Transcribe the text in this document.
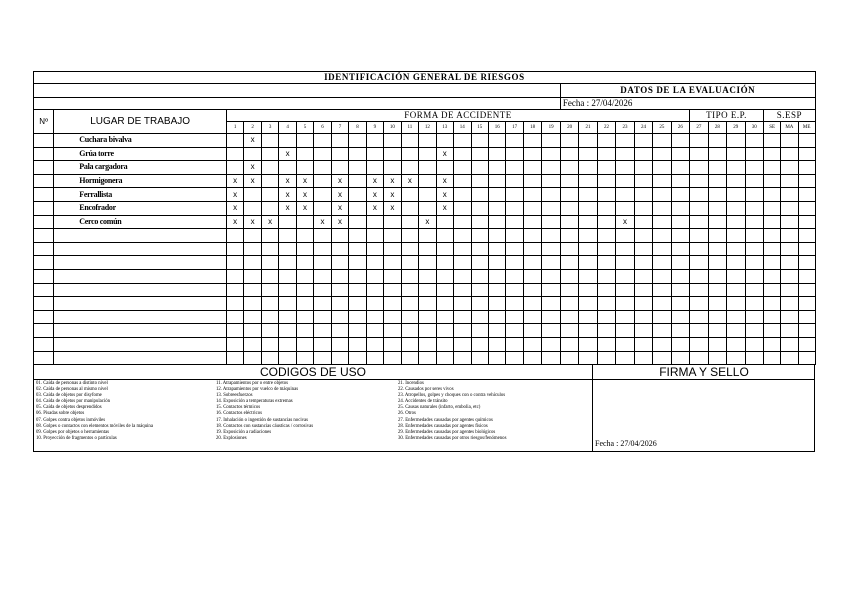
IDENTIFICACIÓN GENERAL DE RIESGOS																																		
																					DATOS DE LA EVALUACIÓN													
																					Fecha : 27/04/2026													
Nº	LUGAR DE TRABAJO	FORMA DE ACCIDENTE																										TIPO E.P.				S.ESP		
		1	2	3	4	5	6	7	8	9	10	11	12	13	14	15	16	17	18	19	20	21	22	23	24	25	26	27	28	29	30	SE	MA	ME
	Cuchara bivalva		x																															
	Grúa torre				x									x																				
	Pala cargadora		x																															
	Hormigonera	x	x		x	x		x		x	x	x		x																				
	Ferrallista	x			x	x		x		x	x			x																				
	Encofrador	x			x	x		x		x	x			x																				
	Cerco común	x	x	x			x	x					x											x										

CODIGOS DE USO
01. Caída de personas a distinto nivel
02. Caída de personas al mismo nivel
03. Caída de objetos por disyfome
04. Caída de objetos por manipulación
05. Caída de objetos desprendidos
06. Pisadas sobre objetos
07. Golpes contra objetos inmóviles
08. Golpes o contactos con elementos móviles de la máquina
09. Golpes por objetos o herramientas
10. Proyección de fragmentos o partículas
11. Atrapamientos por o entre objetos
12. Atrapamientos por vuelco de máquinas
13. Sobreesfuerzos
14. Exposición a temperaturas extremas
15. Contactos térmicos
16. Contactos eléctricos
17. Inhalación o ingestión de sustancias nocivas
18. Contactos con sustancias cáusticas / corrosivas
19. Exposición a radiaciones
20. Explosiones
21. Incendios
22. Causados por seres vivos
23. Atropellos, golpes y choques con o contra vehículos
24. Accidentes de tránsito
25. Causas naturales (infarto, embolia, etc)
26. Otros
27. Enfermedades causadas por agentes químicos
28. Enfermedades causadas por agentes físicos
29. Enfermedades causadas por agentes biológicos
30. Enfermedades causadas por otros riesgos/fenómenos
FIRMA Y SELLO
Fecha : 27/04/2026
